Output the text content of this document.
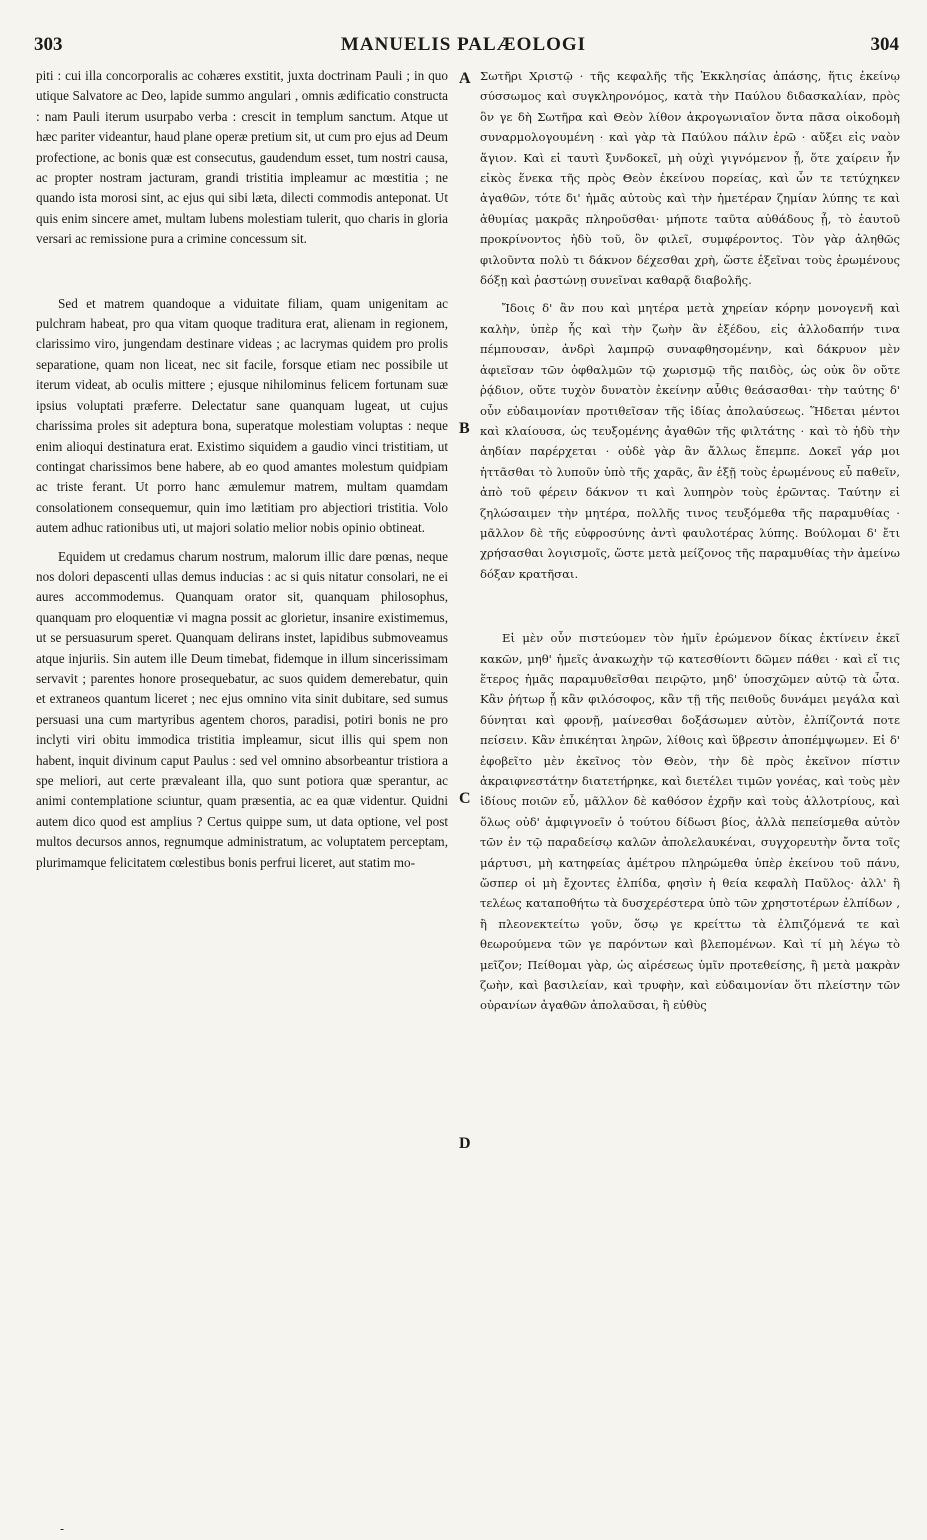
303	MANUELIS PALÆOLOGI	304

piti : cui illa concorporalis ac cohæres exstitit, juxta doctrinam Pauli ; in quo utique Salvatore ac Deo, lapide summo angulari , omnis ædificatio constructa : nam Pauli iterum usurpabo verba : crescit in templum sanctum. Atque ut hæc pariter videantur, haud plane operæ pretium sit, ut cum pro ejus ad Deum profectione, ac bonis quæ est consecutus, gaudendum esset, tum nostri causa, ac propter nostram jacturam, grandi tristitia impleamur ac mœstitia ; ne quando ista morosi sint, ac ejus qui sibi læta, dilecti commodis anteponat. Ut quis enim sincere amet, multam lubens molestiam tulerit, quo charis in gloria versari ac remissione pura a crimine concessum sit.

Sed et matrem quandoque a viduitate filiam, quam unigenitam ac pulchram habeat, pro qua vitam quoque traditura erat, alienam in regionem, clarissimo viro, jungendam destinare videas ; ac lacrymas quidem pro prolis separatione, quam non liceat, nec sit facile, forsque etiam nec possibile ut iterum videat, ab oculis mittere ; ejusque nihilominus felicem fortunam suæ ipsius voluptati præferre. Delectatur sane quanquam lugeat, ut cujus charissima proles sit adeptura bona, superatque molestiam voluptas : neque enim alioqui destinatura erat. Existimo siquidem a gaudio vinci tristitiam, ut contingat charissimos bene habere, ab eo quod amantes molestum quidpiam ac triste ferant. Ut porro hanc æmulemur matrem, multam quamdam consolationem consequemur, quin imo lætitiam pro abjectiori tristitia. Volo autem adhuc rationibus uti, ut majori solatio melior nobis opinio obtineat.

Equidem ut credamus charum nostrum, malorum illic dare pœnas, neque nos dolori depascenti ullas demus inducias : ac si quis nitatur consolari, ne ei aures accommodemus. Quanquam orator sit, quanquam philosophus, quanquam pro eloquentiæ vi magna possit ac glorietur, insanire existimemus, ut se persuasurum speret. Quanquam delirans instet, lapidibus submoveamus atque injuriis. Sin autem ille Deum timebat, fidemque in illum sincerissimam servavit ; parentes honore prosequebatur, ac suos quidem demerebatur, quin et extraneos quantum liceret ; nec ejus omnino vita sinit dubitare, sed sumus persuasi una cum martyribus agentem choros, paradisi, potiri bonis ne pro inclyti viri obitu immodica tristitia impleamur, sicut illis qui spem non habent, inquit divinum caput Paulus : sed vel omnino absorbeantur tristiora a spe meliori, aut certe prævaleant illa, quo sunt potiora quæ sperantur, ac animi contemplatione sciuntur, quam præsentia, ac ea quæ videntur. Quidni autem dico quod est amplius ? Certus quippe sum, ut data optione, vel post multos decursos annos, regnumque administratum, ac voluptatem perceptam, plurimamque felicitatem cœlestibus bonis perfrui liceret, aut statim mo-

A
B
C
D

Σωτῆρι Χριστῷ · τῆς κεφαλῆς τῆς Ἐκκλησίας ἁπάσης, ἥτις ἐκείνῳ σύσσωμος καὶ συγκληρονόμος, κατὰ τὴν Παύλου διδασκαλίαν, πρὸς ὃν γε δὴ Σωτῆρα καὶ Θεὸν λίθον ἀκρογωνιαῖον ὄντα πᾶσα οἰκοδομὴ συναρμολογουμένη · καὶ γὰρ τὰ Παύλου πάλιν ἐρῶ · αὔξει εἰς ναὸν ἅγιον. Καὶ εἰ ταυτὶ ξυνδοκεῖ, μὴ οὐχὶ γιγνόμενον ᾖ, ὅτε χαίρειν ἦν εἰκὸς ἕνεκα τῆς πρὸς Θεὸν ἐκείνου πορείας, καὶ ὧν τε τετύχηκεν ἀγαθῶν, τότε δι' ἡμᾶς αὐτοὺς καὶ τὴν ἡμετέραν ζημίαν λύπης τε καὶ ἀθυμίας μακρᾶς πληροῦσθαι· μήποτε ταῦτα αὐθάδους ᾖ, τὸ ἑαυτοῦ προκρίνοντος ἡδὺ τοῦ, ὃν φιλεῖ, συμφέροντος. Τὸν γὰρ ἀληθῶς φιλοῦντα πολὺ τι δάκνον δέχεσθαι χρὴ, ὥστε ἐξεῖναι τοὺς ἐρωμένους δόξῃ καὶ ῥαστώνῃ συνεῖναι καθαρᾷ διαβολῆς.

Ἴδοις δ' ἂν που καὶ μητέρα μετὰ χηρείαν κόρην μονογενῆ καὶ καλὴν, ὑπὲρ ἧς καὶ τὴν ζωὴν ἂν ἐξέδου, εἰς ἀλλοδαπήν τινα πέμπουσαν, ἀνδρὶ λαμπρῷ συναφθησομένην, καὶ δάκρυον μὲν ἀφιεῖσαν τῶν ὀφθαλμῶν τῷ χωρισμῷ τῆς παιδὸς, ὡς οὐκ ὂν οὔτε ῥᾴδιον, οὔτε τυχὸν δυνατὸν ἐκείνην αὖθις θεάσασθαι· τὴν ταύτης δ' οὖν εὐδαιμονίαν προτιθεῖσαν τῆς ἰδίας ἀπολαύσεως. Ἥδεται μέντοι καὶ κλαίουσα, ὡς τευξομένης ἀγαθῶν τῆς φιλτάτης · καὶ τὸ ἡδὺ τὴν ἀηδίαν παρέρχεται · οὐδὲ γὰρ ἂν ἄλλως ἔπεμπε. Δοκεῖ γάρ μοι ἡττᾶσθαι τὸ λυποῦν ὑπὸ τῆς χαρᾶς, ἂν ἐξῇ τοὺς ἐρωμένους εὖ παθεῖν, ἀπὸ τοῦ φέρειν δάκνον τι καὶ λυπηρὸν τοὺς ἐρῶντας. Ταύτην εἰ ζηλώσαιμεν τὴν μητέρα, πολλῆς τινος τευξόμεθα τῆς παραμυθίας · μᾶλλον δὲ τῆς εὐφροσύνης ἀντὶ φαυλοτέρας λύπης. Βούλομαι δ' ἔτι χρήσασθαι λογισμοῖς, ὥστε μετὰ μείζονος τῆς παραμυθίας τὴν ἀμείνω δόξαν κρατῆσαι.

Εἰ μὲν οὖν πιστεύομεν τὸν ἡμῖν ἐρώμενον δίκας ἐκτίνειν ἐκεῖ κακῶν, μηθ' ἡμεῖς ἀνακωχὴν τῷ κατεσθίοντι δῶμεν πάθει · καὶ εἴ τις ἕτερος ἡμᾶς παραμυθεῖσθαι πειρῷτο, μηδ' ὑποσχῶμεν αὐτῷ τὰ ὦτα. Κἂν ῥήτωρ ᾖ κἂν φιλόσοφος, κἂν τῇ τῆς πειθοῦς δυνάμει μεγάλα καὶ δύνηται καὶ φρονῇ, μαίνεσθαι δοξάσωμεν αὐτὸν, ἐλπίζοντά ποτε πείσειν. Κἂν ἐπικέηται ληρῶν, λίθοις καὶ ὕβρεσιν ἀποπέμψωμεν. Εἰ δ' ἐφοβεῖτο μὲν ἐκεῖνος τὸν Θεὸν, τὴν δὲ πρὸς ἐκεῖνον πίστιν ἀκραιφνεστάτην διατετήρηκε, καὶ διετέλει τιμῶν γονέας, καὶ τοὺς μὲν ἰδίους ποιῶν εὖ, μᾶλλον δὲ καθόσον ἐχρῆν καὶ τοὺς ἀλλοτρίους, καὶ ὅλως οὐδ' ἀμφιγνοεῖν ὁ τούτου δίδωσι βίος, ἀλλὰ πεπείσμεθα αὐτὸν τῶν ἐν τῷ παραδείσῳ καλῶν ἀπολελαυκέναι, συγχορευτὴν ὄντα τοῖς μάρτυσι, μὴ κατηφείας ἀμέτρου πληρώμεθα ὑπὲρ ἐκείνου τοῦ πάνυ, ὥσπερ οἱ μὴ ἔχοντες ἐλπίδα, φησὶν ἡ θεία κεφαλὴ Παῦλος· ἀλλ' ἢ τελέως καταποθήτω τὰ δυσχερέστερα ὑπὸ τῶν χρηστοτέρων ἐλπίδων , ἢ πλεονεκτείτω γοῦν, ὅσῳ γε κρείττω τὰ ἐλπιζόμενά τε καὶ θεωρούμενα τῶν γε παρόντων καὶ βλεπομένων. Καὶ τί μὴ λέγω τὸ μεῖζον; Πείθομαι γὰρ, ὡς αἱρέσεως ὑμῖν προτεθείσης, ἢ μετὰ μακρὰν ζωὴν, καὶ βασιλείαν, καὶ τρυφὴν, καὶ εὐδαιμονίαν ὅτι πλείστην τῶν οὐρανίων ἀγαθῶν ἀπολαῦσαι, ἢ εὐθὺς

-
